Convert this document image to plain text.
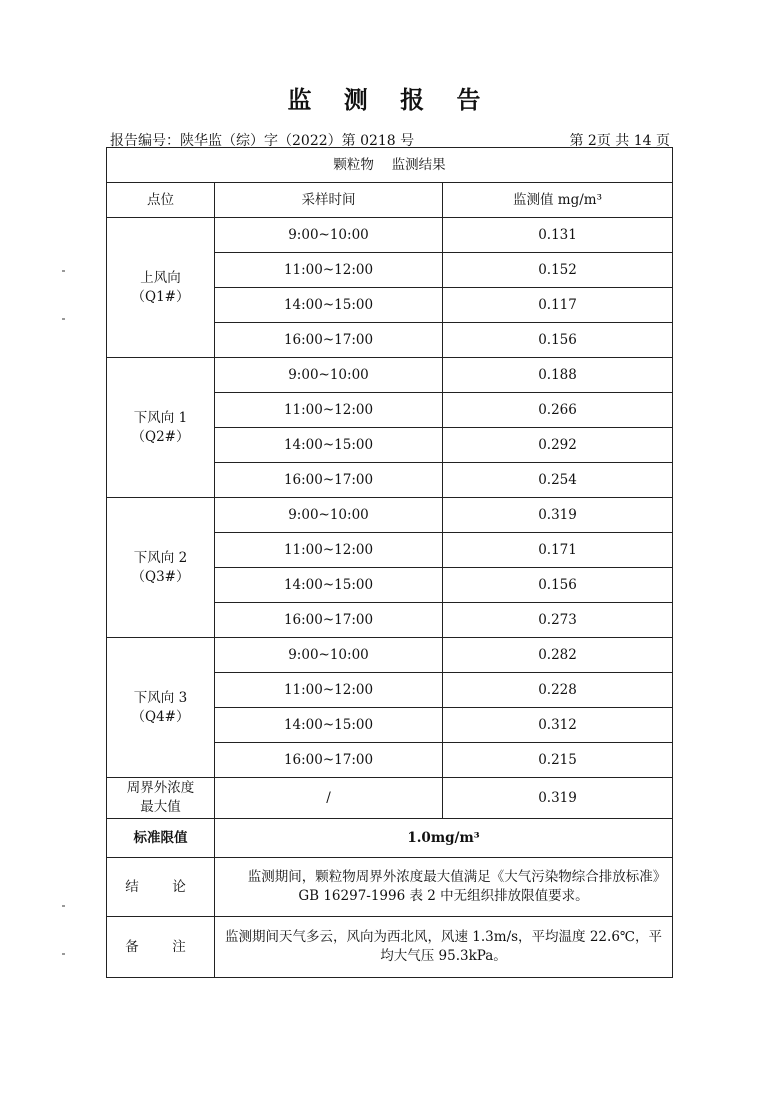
监 测 报 告
报告编号：陕华监（综）字（2022）第 0218 号	第 2页 共 14 页
颗粒物　 监测结果		
点位	采样时间	监测值 mg/m³

上风向
（Q1#）	9:00~10:00	0.131
	11:00~12:00	0.152
	14:00~15:00	0.117
	16:00~17:00	0.156

下风向 1
（Q2#）	9:00~10:00	0.188
	11:00~12:00	0.266
	14:00~15:00	0.292
	16:00~17:00	0.254

下风向 2
（Q3#）	9:00~10:00	0.319
	11:00~12:00	0.171
	14:00~15:00	0.156
	16:00~17:00	0.273

下风向 3
（Q4#）	9:00~10:00	0.282
	11:00~12:00	0.228
	14:00~15:00	0.312
	16:00~17:00	0.215

周界外浓度
最大值	/	0.319
标准限值	1.0mg/m³	
结　论	　　监测期间，颗粒物周界外浓度最大值满足《大气污染物综合排放标准》GB 16297-1996 表 2 中无组织排放限值要求。	
备　注	监测期间天气多云，风向为西北风，风速 1.3m/s，平均温度 22.6℃，平均大气压 95.3kPa。	
